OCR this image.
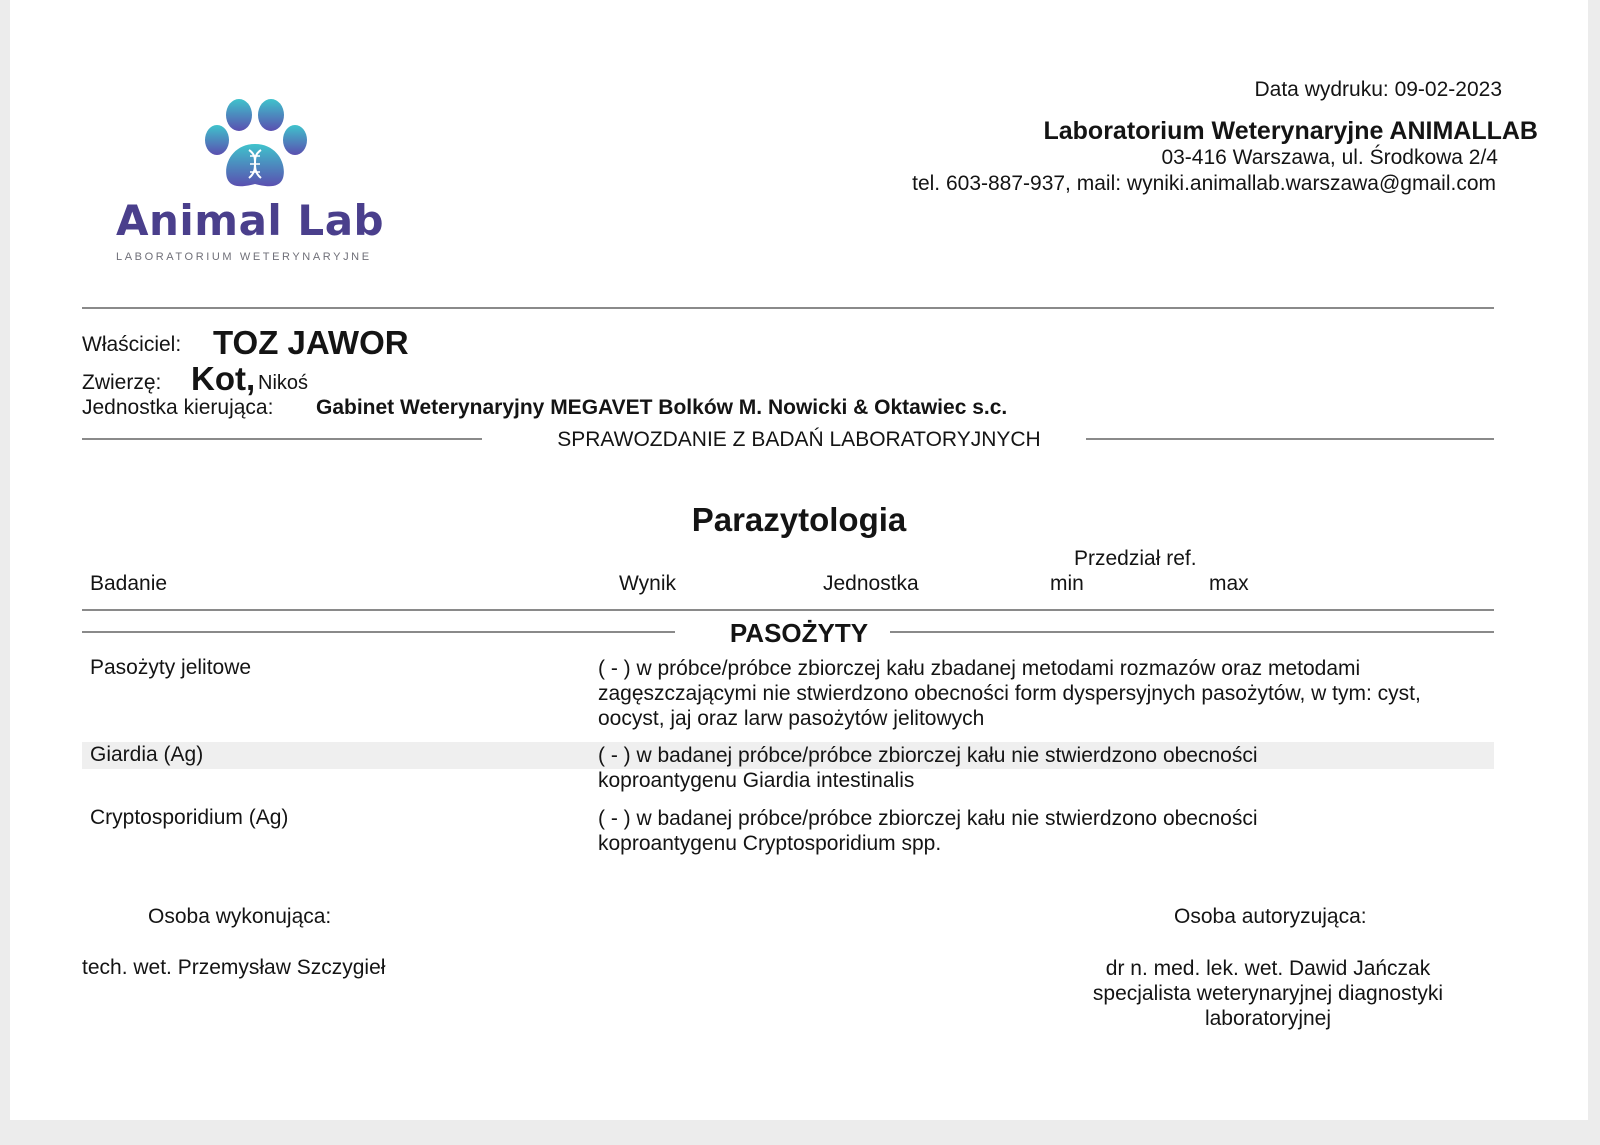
Animal Lab
LABORATORIUM WETERYNARYJNE
Data wydruku: 09-02-2023
Laboratorium Weterynaryjne ANIMALLAB
03-416 Warszawa, ul. Środkowa 2/4
tel. 603-887-937, mail: wyniki.animallab.warszawa@gmail.com
Właściciel: TOZ JAWOR
Zwierzę: Kot, Nikoś
Jednostka kierująca: Gabinet Weterynaryjny MEGAVET Bolków M. Nowicki & Oktawiec s.c.
SPRAWOZDANIE Z BADAŃ LABORATORYJNYCH
Parazytologia
Przedział ref.
Badanie	Wynik	Jednostka	min	max
PASOŻYTY
Pasożyty jelitowe	( - ) w próbce/próbce zbiorczej kału zbadanej metodami rozmazów oraz metodami zagęszczającymi nie stwierdzono obecności form dyspersyjnych pasożytów, w tym: cyst, oocyst, jaj oraz larw pasożytów jelitowych
Giardia (Ag)	( - ) w badanej próbce/próbce zbiorczej kału nie stwierdzono obecności koproantygenu Giardia intestinalis
Cryptosporidium (Ag)	( - ) w badanej próbce/próbce zbiorczej kału nie stwierdzono obecności koproantygenu Cryptosporidium spp.
Osoba wykonująca:
tech. wet. Przemysław Szczygieł
Osoba autoryzująca:
dr n. med. lek. wet. Dawid Jańczak
specjalista weterynaryjnej diagnostyki laboratoryjnej
